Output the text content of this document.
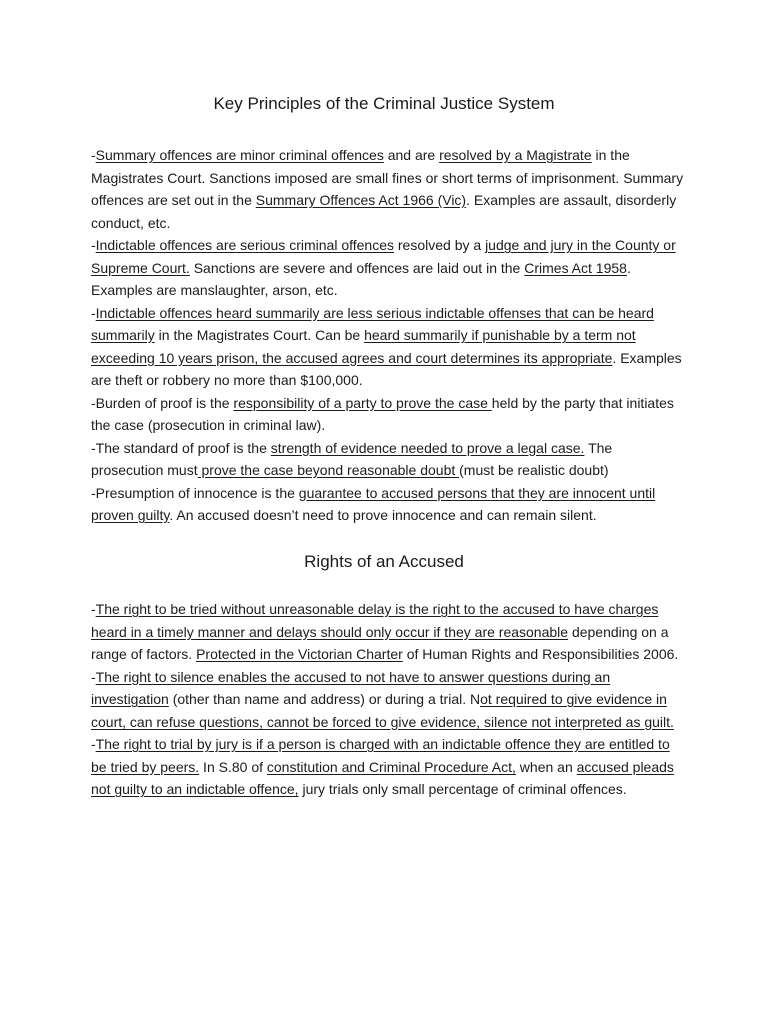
Key Principles of the Criminal Justice System

-Summary offences are minor criminal offences and are resolved by a Magistrate in the Magistrates Court. Sanctions imposed are small fines or short terms of imprisonment. Summary offences are set out in the Summary Offences Act 1966 (Vic). Examples are assault, disorderly conduct, etc.

-Indictable offences are serious criminal offences resolved by a judge and jury in the County or Supreme Court. Sanctions are severe and offences are laid out in the Crimes Act 1958. Examples are manslaughter, arson, etc.

-Indictable offences heard summarily are less serious indictable offenses that can be heard summarily in the Magistrates Court. Can be heard summarily if punishable by a term not exceeding 10 years prison, the accused agrees and court determines its appropriate. Examples are theft or robbery no more than $100,000.

-Burden of proof is the responsibility of a party to prove the case held by the party that initiates the case (prosecution in criminal law).

-The standard of proof is the strength of evidence needed to prove a legal case. The prosecution must prove the case beyond reasonable doubt (must be realistic doubt)

-Presumption of innocence is the guarantee to accused persons that they are innocent until proven guilty. An accused doesn’t need to prove innocence and can remain silent.

Rights of an Accused

-The right to be tried without unreasonable delay is the right to the accused to have charges heard in a timely manner and delays should only occur if they are reasonable depending on a range of factors. Protected in the Victorian Charter of Human Rights and Responsibilities 2006.

-The right to silence enables the accused to not have to answer questions during an investigation (other than name and address) or during a trial. Not required to give evidence in court, can refuse questions, cannot be forced to give evidence, silence not interpreted as guilt.

-The right to trial by jury is if a person is charged with an indictable offence they are entitled to be tried by peers. In S.80 of constitution and Criminal Procedure Act, when an accused pleads not guilty to an indictable offence, jury trials only small percentage of criminal offences.
